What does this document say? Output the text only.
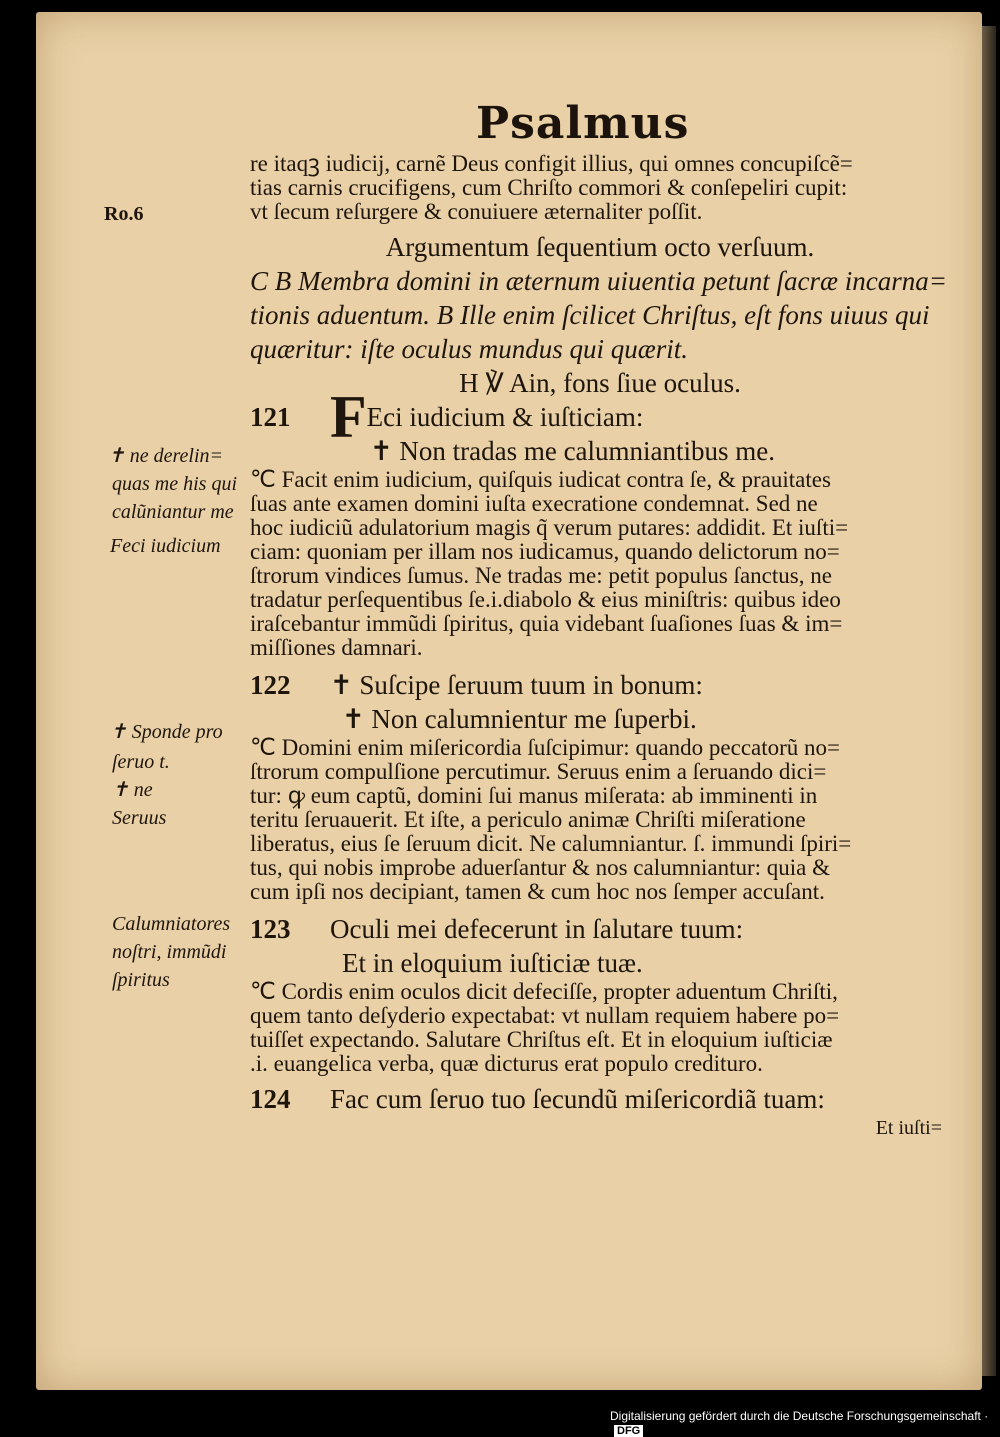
Psalmus
Ro.6
✝ ne derelin=
quas me his qui
calũniantur me
Feci iudicium
✝ Sponde pro
ſeruo t.
✝ ne
Seruus
Calumniatores
noſtri, immũdi
ſpiritus
re itaqꝫ iudicij, carnẽ Deus configit illius, qui omnes concupiſcẽ=
tias carnis crucifigens, cum Chriſto commori & conſepeliri cupit:
vt ſecum reſurgere & conuiuere æternaliter poſſit.
Argumentum ſequentium octo verſuum.
C B Membra domini in æternum uiuentia petunt ſacræ incarna=
tionis aduentum. B Ille enim ſcilicet Chriſtus, eſt fons uiuus qui
quæritur: iſte oculus mundus qui quærit.
H ℣ Ain, fons ſiue oculus.
121 FEci iudicium & iuſticiam:
✝ Non tradas me calumniantibus me.
℃ Facit enim iudicium, quiſquis iudicat contra ſe, & prauitates
ſuas ante examen domini iuſta execratione condemnat. Sed ne
hoc iudiciũ adulatorium magis q̃ verum putares: addidit. Et iuſti=
ciam: quoniam per illam nos iudicamus, quando delictorum no=
ſtrorum vindices ſumus. Ne tradas me: petit populus ſanctus, ne
tradatur perſequentibus ſe.i.diabolo & eius miniſtris: quibus ideo
iraſcebantur immũdi ſpiritus, quia videbant ſuaſiones ſuas & im=
miſſiones damnari.
122 ✝ Suſcipe ſeruum tuum in bonum:
✝ Non calumnientur me ſuperbi.
℃ Domini enim miſericordia ſuſcipimur: quando peccatorũ no=
ſtrorum compulſione percutimur. Seruus enim a ſeruando dici=
tur: ꝙ eum captũ, domini ſui manus miſerata: ab imminenti in
teritu ſeruauerit. Et iſte, a periculo animæ Chriſti miſeratione
liberatus, eius ſe ſeruum dicit. Ne calumniantur. ſ. immundi ſpiri=
tus, qui nobis improbe aduerſantur & nos calumniantur: quia &
cum ipſi nos decipiant, tamen & cum hoc nos ſemper accuſant.
123 Oculi mei defecerunt in ſalutare tuum:
Et in eloquium iuſticiæ tuæ.
℃ Cordis enim oculos dicit defeciſſe, propter aduentum Chriſti,
quem tanto deſyderio expectabat: vt nullam requiem habere po=
tuiſſet expectando. Salutare Chriſtus eſt. Et in eloquium iuſticiæ
.i. euangelica verba, quæ dicturus erat populo credituro.
124 Fac cum ſeruo tuo ſecundũ miſericordiã tuam:
Et iuſti=
Digitalisierung gefördert durch die Deutsche Forschungsgemeinschaft ·DFG
